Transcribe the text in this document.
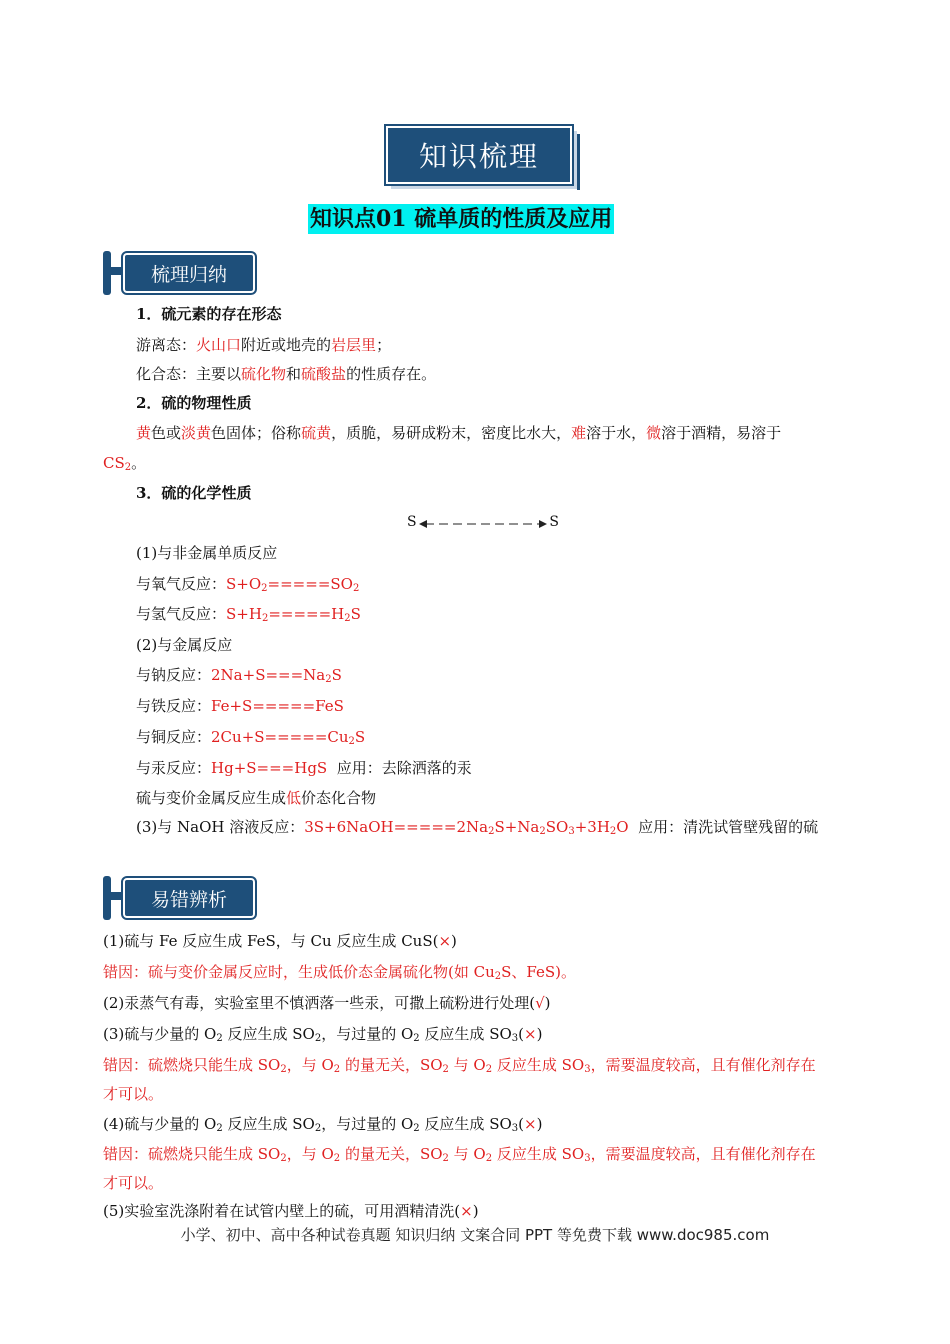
知识梳理
知识点01 硫单质的性质及应用
梳理归纳
1．硫元素的存在形态
游离态：火山口附近或地壳的岩层里；
化合态：主要以硫化物和硫酸盐的性质存在。
2．硫的物理性质
黄色或淡黄色固体；俗称硫黄，质脆，易研成粉末，密度比水大，难溶于水，微溶于酒精，易溶于
$CS_2$。
3．硫的化学性质
S	S
(1)与非金属单质反应
与氧气反应：$S+O_2=====SO_2$
与氢气反应：$S+H_2=====H_2S$
(2)与金属反应
与钠反应：$2Na+S===Na_2S$
与铁反应：Fe+S=====FeS
与铜反应：$2Cu+S=====Cu_2S$
与汞反应：Hg+S===HgS  应用：去除洒落的汞
硫与变价金属反应生成低价态化合物
(3)与 NaOH 溶液反应：$3S+6NaOH=====2Na_2S+Na_2SO_3+3H_2O$  应用：清洗试管壁残留的硫
易错辨析
(1)硫与 Fe 反应生成 FeS，与 Cu 反应生成 CuS(×)
错因：硫与变价金属反应时，生成低价态金属硫化物(如 $Cu_2S$、FeS)。
(2)汞蒸气有毒，实验室里不慎洒落一些汞，可撒上硫粉进行处理(√)
(3)硫与少量的 $O_2$ 反应生成 $SO_2$，与过量的 $O_2$ 反应生成 $SO_3(\times)$
错因：硫燃烧只能生成 $SO_2$，与 $O_2$ 的量无关，$SO_2$ 与 $O_2$ 反应生成 $SO_3$，需要温度较高，且有催化剂存在
才可以。
(4)硫与少量的 $O_2$ 反应生成 $SO_2$，与过量的 $O_2$ 反应生成 $SO_3(\times)$
错因：硫燃烧只能生成 $SO_2$，与 $O_2$ 的量无关，$SO_2$ 与 $O_2$ 反应生成 $SO_3$，需要温度较高，且有催化剂存在
才可以。
(5)实验室洗涤附着在试管内壁上的硫，可用酒精清洗(×)
小学、初中、高中各种试卷真题 知识归纳 文案合同 PPT 等免费下载 www.doc985.com
